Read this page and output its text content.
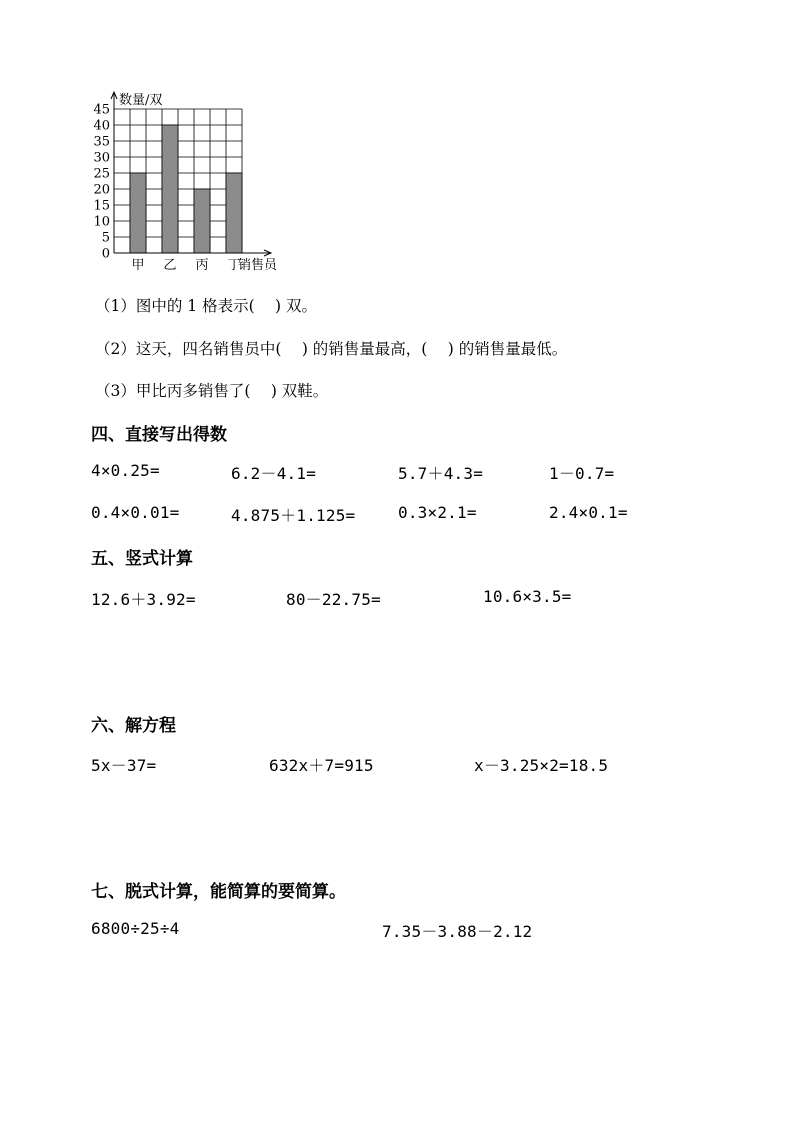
0
5
10
15
20
25
30
35
40
45
甲 乙 丙 丁
数量/双
销售员
（1）图中的 1 格表示(　 ) 双。
（2）这天，四名销售员中(　 ) 的销售量最高，(　 ) 的销售量最低。
（3）甲比丙多销售了(　 ) 双鞋。
四、直接写出得数
4×0.25=	6.2－4.1=	5.7＋4.3=	1－0.7=
0.4×0.01=	4.875＋1.125=	0.3×2.1=	2.4×0.1=
五、竖式计算
12.6＋3.92=	80－22.75=	10.6×3.5=
六、解方程
5x－37=	632x＋7=915	x－3.25×2=18.5
七、脱式计算，能简算的要简算。
6800÷25÷4	7.35－3.88－2.12
